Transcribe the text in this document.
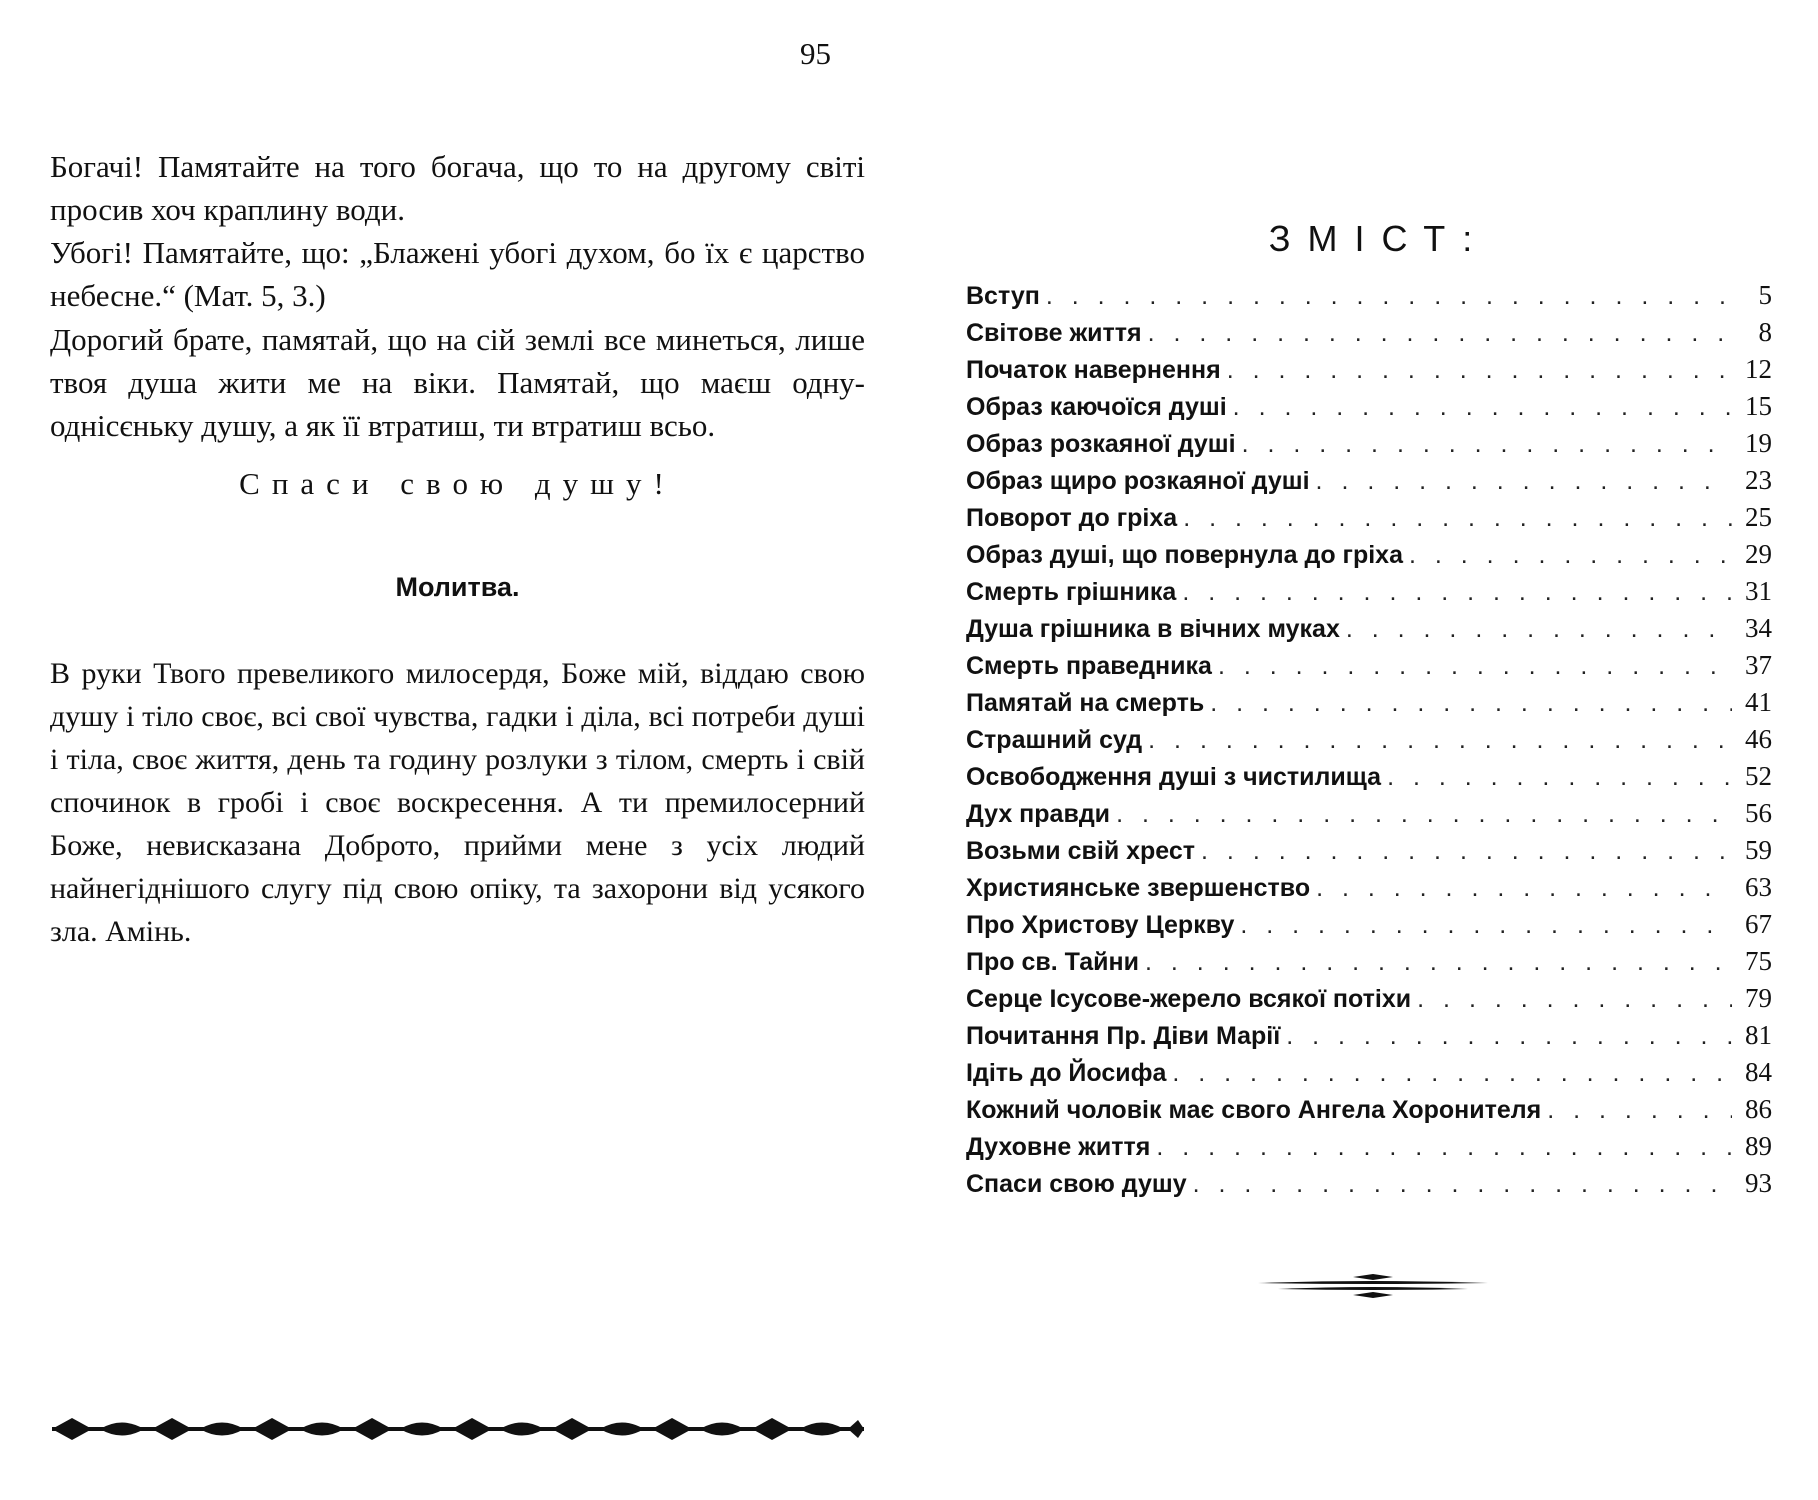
95

Богачі! Памятайте на того богача, що то на другому світі просив хоч краплину води.

Убогі! Памятайте, що: „Блажені убогі духом, бо їх є царство небесне.“ (Мат. 5, 3.)

Дорогий брате, памятай, що на сій землі все минеться, лише твоя душа жити ме на віки. Памятай, що маєш одну-однісєньку душу, а як її втратиш, ти втратиш всьо.

Спаси свою душу!
Молитва.

В руки Твого превеликого милосердя, Боже мій, віддаю свою душу і тіло своє, всі свої чувства, гадки і діла, всі потреби душі і тіла, своє життя, день та годину розлуки з тілом, смерть і свій спочинок в гробі і своє воскресення. А ти премилосерний Боже, невисказана Доброто, прийми мене з усіх людий найнегіднішого слугу під свою опіку, та захорони від усякого зла. Амінь.

ЗМІСТ:
Вступ . . .	5
Світове життя . . .	8
Початок навернення . . .	12
Образ каючоїся душі . . .	15
Образ розкаяної душі . . .	19
Образ щиро розкаяної душі . . .	23
Поворот до гріха . . .	25
Образ душі, що повернула до гріха . . .	29
Смерть грішника . . .	31
Душа грішника в вічних муках . . .	34
Смерть праведника . . .	37
Памятай на смерть . . .	41
Страшний суд . . .	46
Освободження душі з чистилища . . .	52
Дух правди . . .	56
Возьми свій хрест . . .	59
Християнське звершенство . . .	63
Про Христову Церкву . . .	67
Про св. Тайни . . .	75
Серце Ісусове-жерело всякої потіхи . . .	79
Почитання Пр. Діви Марії . . .	81
Ідіть до Йосифа . . .	84
Кожний чоловік має свого Ангела Хоронителя . . .	86
Духовне життя . . .	89
Спаси свою душу . . .	93
